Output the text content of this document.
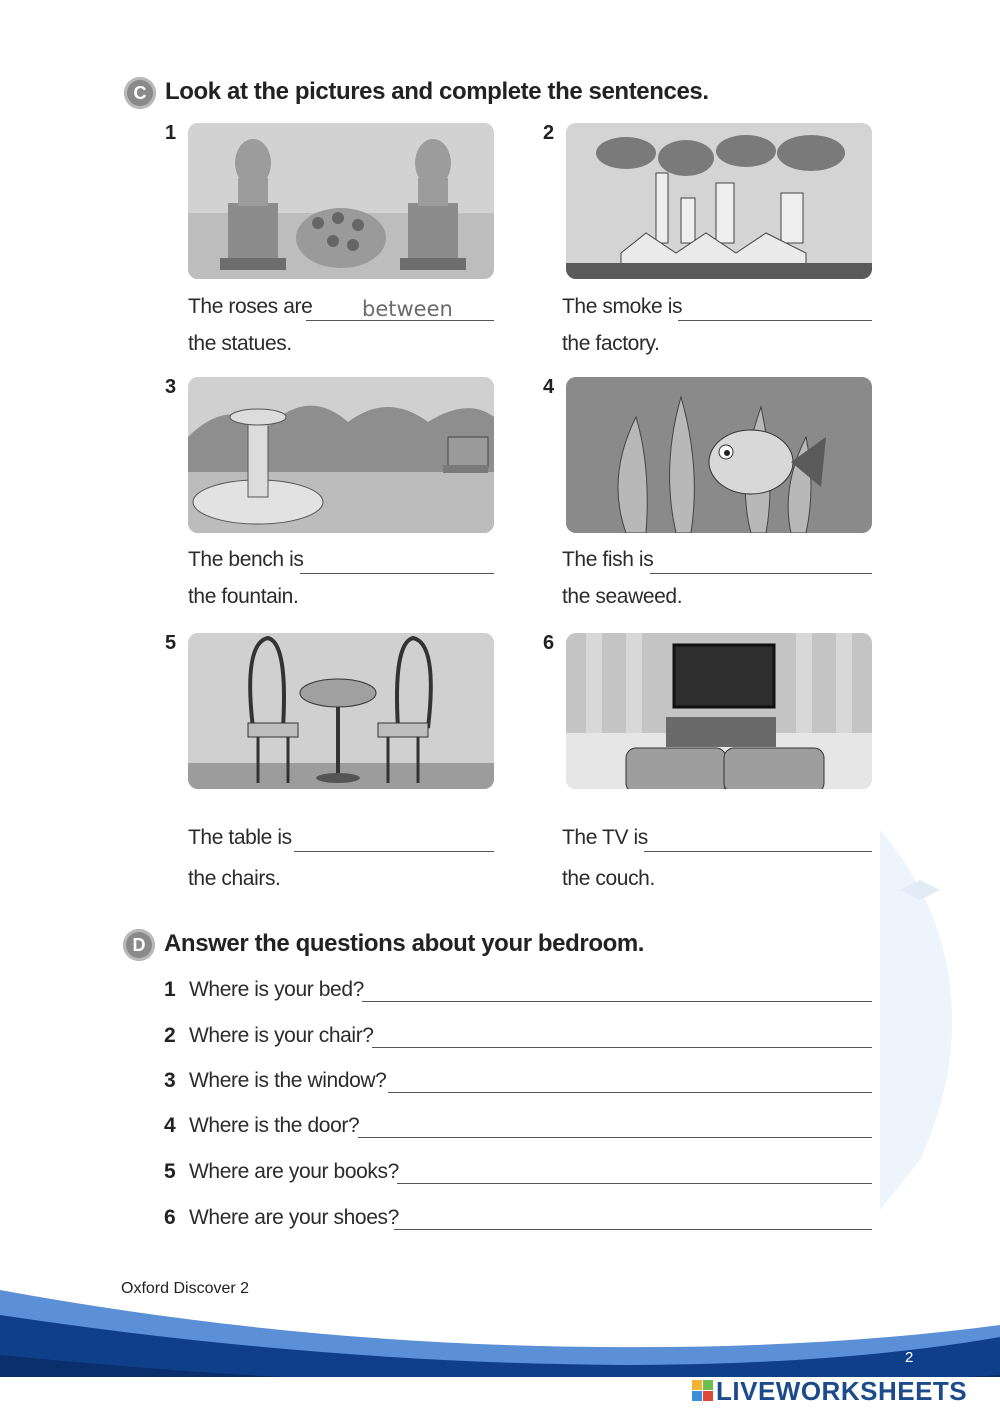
C Look at the pictures and complete the sentences.
1
The roses are between
the statues.
2
The smoke is
the factory.
3
The bench is
the fountain.
4
The fish is
the seaweed.
5
The table is
the chairs.
6
The TV is
the couch.
D Answer the questions about your bedroom.
1 Where is your bed?
2 Where is your chair?
3 Where is the window?
4 Where is the door?
5 Where are your books?
6 Where are your shoes?
Oxford Discover 2
2
LIVEWORKSHEETS
